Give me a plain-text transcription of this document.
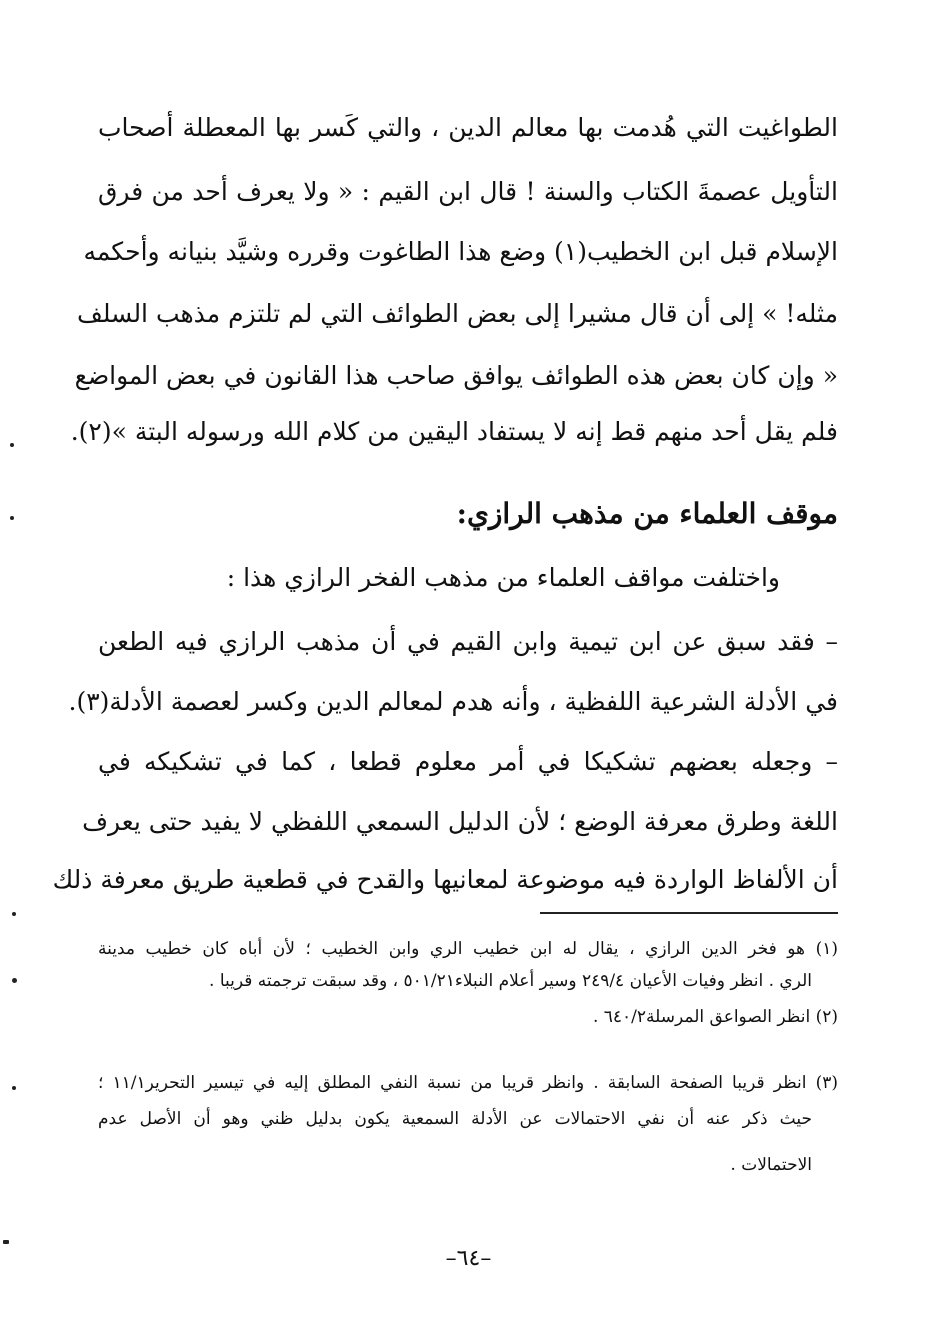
الطواغيت التي هُدمت بها معالم الدين ، والتي كَسر بها المعطلة أصحاب
التأويل عصمةَ الكتاب والسنة ! قال ابن القيم : « ولا يعرف أحد من فرق
الإسلام قبل ابن الخطيب(١) وضع هذا الطاغوت وقرره وشيَّد بنيانه وأحكمه
مثله! » إلى أن قال مشيرا إلى بعض الطوائف التي لم تلتزم مذهب السلف
« وإن كان بعض هذه الطوائف يوافق صاحب هذا القانون في بعض المواضع
فلم يقل أحد منهم قط إنه لا يستفاد اليقين من كلام الله ورسوله البتة »(٢).
موقف العلماء من مذهب الرازي:
واختلفت مواقف العلماء من مذهب الفخر الرازي هذا :
– فقد سبق عن ابن تيمية وابن القيم في أن مذهب الرازي فيه الطعن
في الأدلة الشرعية اللفظية ، وأنه هدم لمعالم الدين وكسر لعصمة الأدلة(٣).
– وجعله بعضهم تشكيكا في أمر معلوم قطعا ، كما في تشكيكه في
اللغة وطرق معرفة الوضع ؛ لأن الدليل السمعي اللفظي لا يفيد حتى يعرف
أن الألفاظ الواردة فيه موضوعة لمعانيها والقدح في قطعية طريق معرفة ذلك
(١) هو فخر الدين الرازي ، يقال له ابن خطيب الري وابن الخطيب ؛ لأن أباه كان خطيب مدينة
الري . انظر وفيات الأعيان ٢٤٩/٤ وسير أعلام النبلاء٥٠١/٢١ ، وقد سبقت ترجمته قريبا .
(٢) انظر الصواعق المرسلة٦٤٠/٢ .
(٣) انظر قريبا الصفحة السابقة . وانظر قريبا من نسبة النفي المطلق إليه في تيسير التحرير١١/١ ؛
حيث ذكر عنه أن نفي الاحتمالات عن الأدلة السمعية يكون بدليل ظني وهو أن الأصل عدم
الاحتمالات .
–٦٤–
